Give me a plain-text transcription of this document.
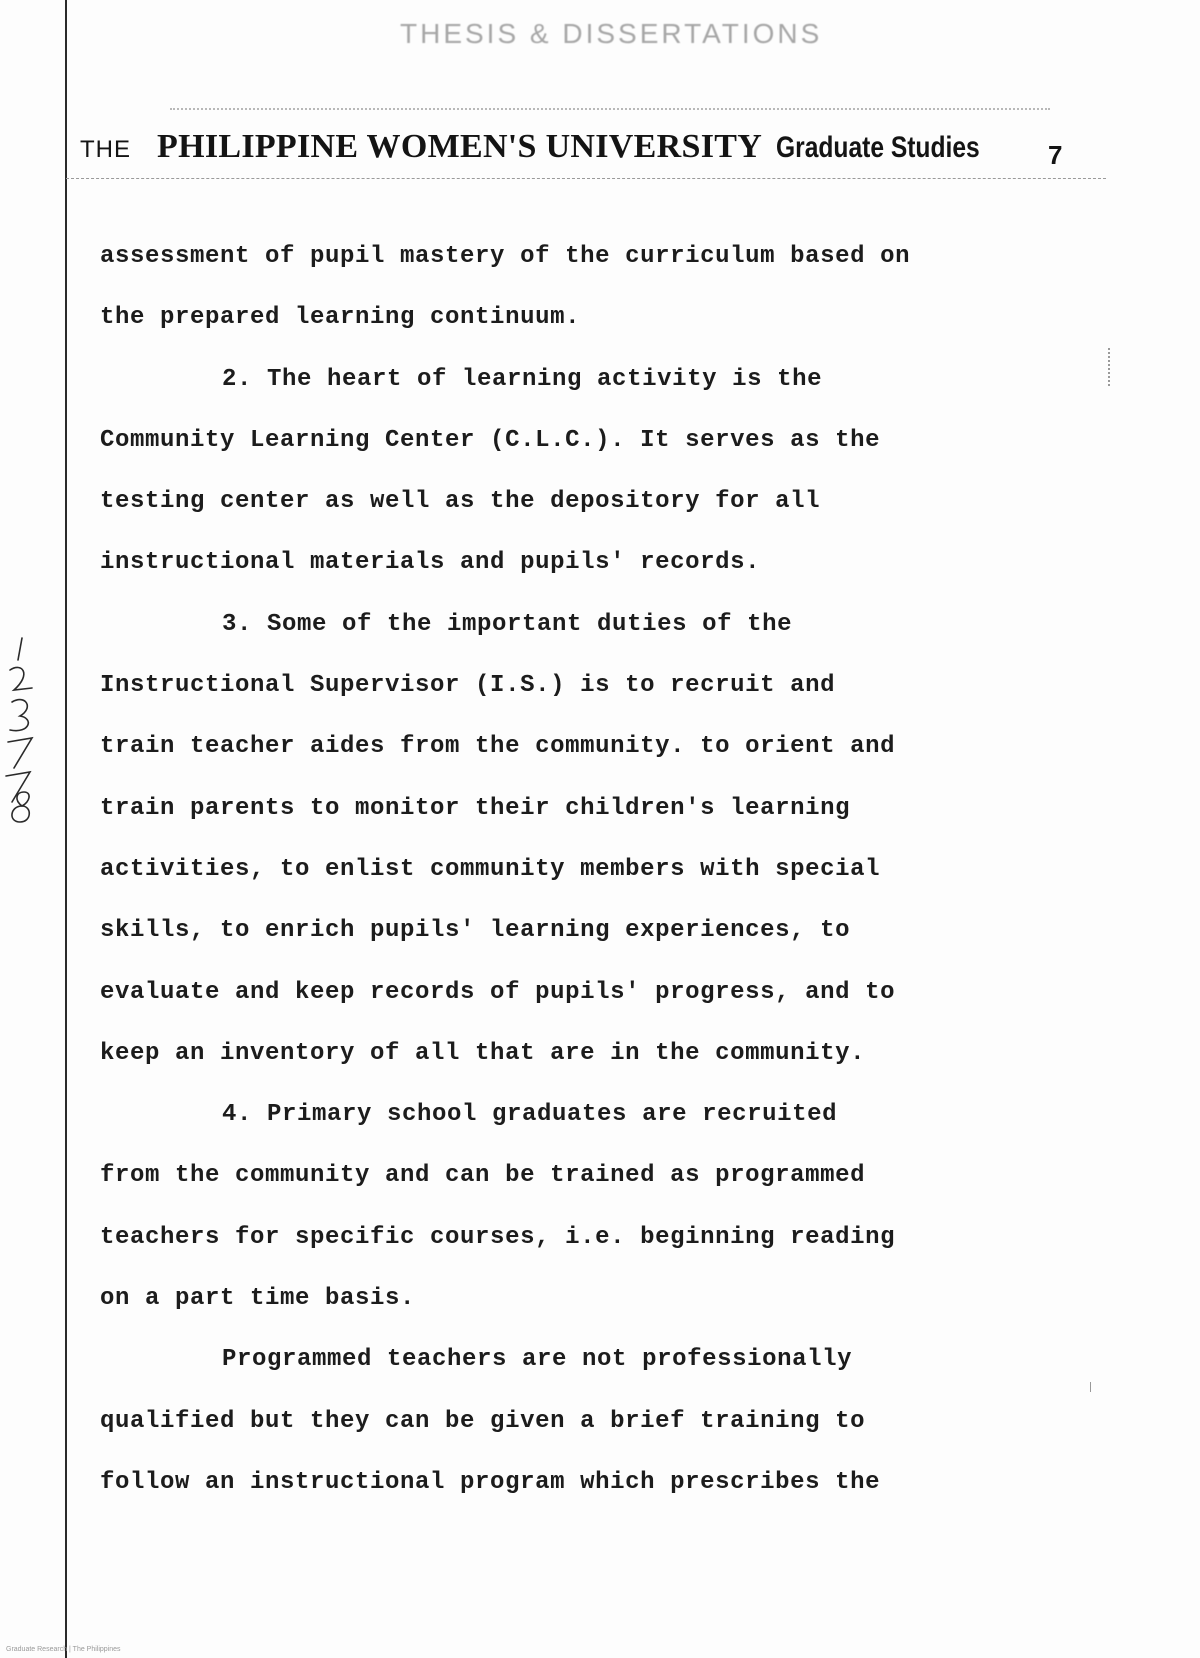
THESIS & DISSERTATIONS
THE PHILIPPINE WOMEN'S UNIVERSITY Graduate Studies	7
assessment of pupil mastery of the curriculum based on
the prepared learning continuum.
2. The heart of learning activity is the
Community Learning Center (C.L.C.). It serves as the
testing center as well as the depository for all
instructional materials and pupils' records.
3. Some of the important duties of the
Instructional Supervisor (I.S.) is to recruit and
train teacher aides from the community. to orient and
train parents to monitor their children's learning
activities, to enlist community members with special
skills, to enrich pupils' learning experiences, to
evaluate and keep records of pupils' progress, and to
keep an inventory of all that are in the community.
4. Primary school graduates are recruited
from the community and can be trained as programmed
teachers for specific courses, i.e. beginning reading
on a part time basis.
Programmed teachers are not professionally
qualified but they can be given a brief training to
follow an instructional program which prescribes the
Graduate Research | The Philippines
